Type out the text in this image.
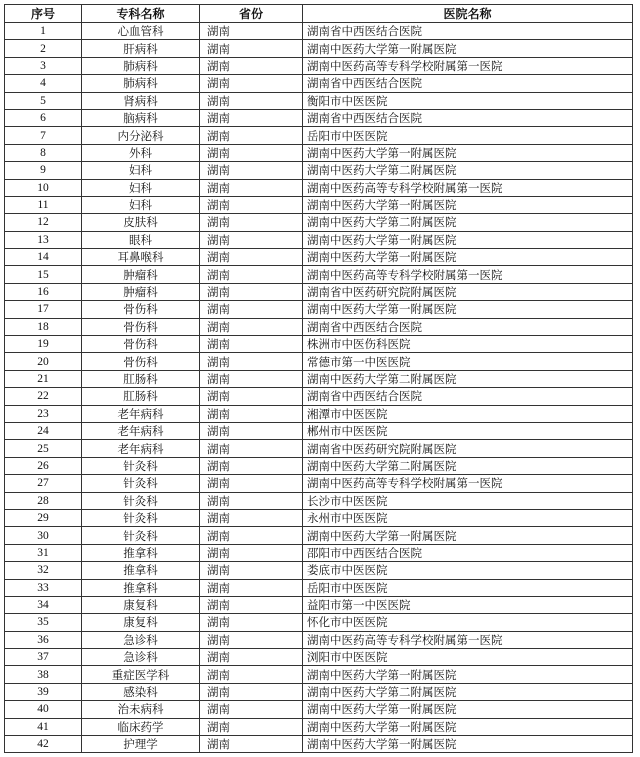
序号	专科名称	省份	医院名称
1	心血管科	湖南	湖南省中西医结合医院
2	肝病科	湖南	湖南中医药大学第一附属医院
3	肺病科	湖南	湖南中医药高等专科学校附属第一医院
4	肺病科	湖南	湖南省中西医结合医院
5	肾病科	湖南	衡阳市中医医院
6	脑病科	湖南	湖南省中西医结合医院
7	内分泌科	湖南	岳阳市中医医院
8	外科	湖南	湖南中医药大学第一附属医院
9	妇科	湖南	湖南中医药大学第二附属医院
10	妇科	湖南	湖南中医药高等专科学校附属第一医院
11	妇科	湖南	湖南中医药大学第一附属医院
12	皮肤科	湖南	湖南中医药大学第二附属医院
13	眼科	湖南	湖南中医药大学第一附属医院
14	耳鼻喉科	湖南	湖南中医药大学第一附属医院
15	肿瘤科	湖南	湖南中医药高等专科学校附属第一医院
16	肿瘤科	湖南	湖南省中医药研究院附属医院
17	骨伤科	湖南	湖南中医药大学第一附属医院
18	骨伤科	湖南	湖南省中西医结合医院
19	骨伤科	湖南	株洲市中医伤科医院
20	骨伤科	湖南	常德市第一中医医院
21	肛肠科	湖南	湖南中医药大学第二附属医院
22	肛肠科	湖南	湖南省中西医结合医院
23	老年病科	湖南	湘潭市中医医院
24	老年病科	湖南	郴州市中医医院
25	老年病科	湖南	湖南省中医药研究院附属医院
26	针灸科	湖南	湖南中医药大学第二附属医院
27	针灸科	湖南	湖南中医药高等专科学校附属第一医院
28	针灸科	湖南	长沙市中医医院
29	针灸科	湖南	永州市中医医院
30	针灸科	湖南	湖南中医药大学第一附属医院
31	推拿科	湖南	邵阳市中西医结合医院
32	推拿科	湖南	娄底市中医医院
33	推拿科	湖南	岳阳市中医医院
34	康复科	湖南	益阳市第一中医医院
35	康复科	湖南	怀化市中医医院
36	急诊科	湖南	湖南中医药高等专科学校附属第一医院
37	急诊科	湖南	浏阳市中医医院
38	重症医学科	湖南	湖南中医药大学第一附属医院
39	感染科	湖南	湖南中医药大学第二附属医院
40	治未病科	湖南	湖南中医药大学第一附属医院
41	临床药学	湖南	湖南中医药大学第一附属医院
42	护理学	湖南	湖南中医药大学第一附属医院
